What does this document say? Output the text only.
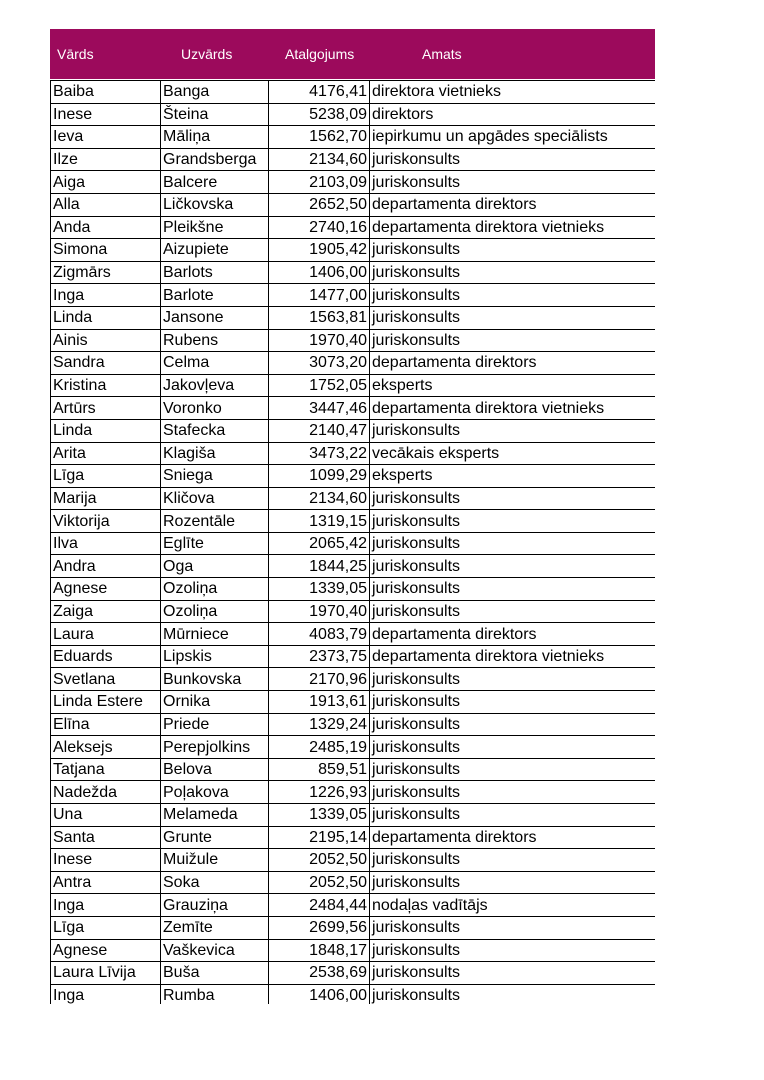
Vārds	Uzvārds	Atalgojums	Amats
Baiba	Banga	4176,41	direktora vietnieks
Inese	Šteina	5238,09	direktors
Ieva	Māliņa	1562,70	iepirkumu un apgādes speciālists
Ilze	Grandsberga	2134,60	juriskonsults
Aiga	Balcere	2103,09	juriskonsults
Alla	Ličkovska	2652,50	departamenta direktors
Anda	Pleikšne	2740,16	departamenta direktora vietnieks
Simona	Aizupiete	1905,42	juriskonsults
Zigmārs	Barlots	1406,00	juriskonsults
Inga	Barlote	1477,00	juriskonsults
Linda	Jansone	1563,81	juriskonsults
Ainis	Rubens	1970,40	juriskonsults
Sandra	Celma	3073,20	departamenta direktors
Kristina	Jakovļeva	1752,05	eksperts
Artūrs	Voronko	3447,46	departamenta direktora vietnieks
Linda	Stafecka	2140,47	juriskonsults
Arita	Klagiša	3473,22	vecākais eksperts
Līga	Sniega	1099,29	eksperts
Marija	Kličova	2134,60	juriskonsults
Viktorija	Rozentāle	1319,15	juriskonsults
Ilva	Eglīte	2065,42	juriskonsults
Andra	Oga	1844,25	juriskonsults
Agnese	Ozoliņa	1339,05	juriskonsults
Zaiga	Ozoliņa	1970,40	juriskonsults
Laura	Mūrniece	4083,79	departamenta direktors
Eduards	Lipskis	2373,75	departamenta direktora vietnieks
Svetlana	Bunkovska	2170,96	juriskonsults
Linda Estere	Ornika	1913,61	juriskonsults
Elīna	Priede	1329,24	juriskonsults
Aleksejs	Perepjolkins	2485,19	juriskonsults
Tatjana	Belova	859,51	juriskonsults
Nadežda	Poļakova	1226,93	juriskonsults
Una	Melameda	1339,05	juriskonsults
Santa	Grunte	2195,14	departamenta direktors
Inese	Muižule	2052,50	juriskonsults
Antra	Soka	2052,50	juriskonsults
Inga	Grauziņa	2484,44	nodaļas vadītājs
Līga	Zemīte	2699,56	juriskonsults
Agnese	Vaškevica	1848,17	juriskonsults
Laura Līvija	Buša	2538,69	juriskonsults
Inga	Rumba	1406,00	juriskonsults
